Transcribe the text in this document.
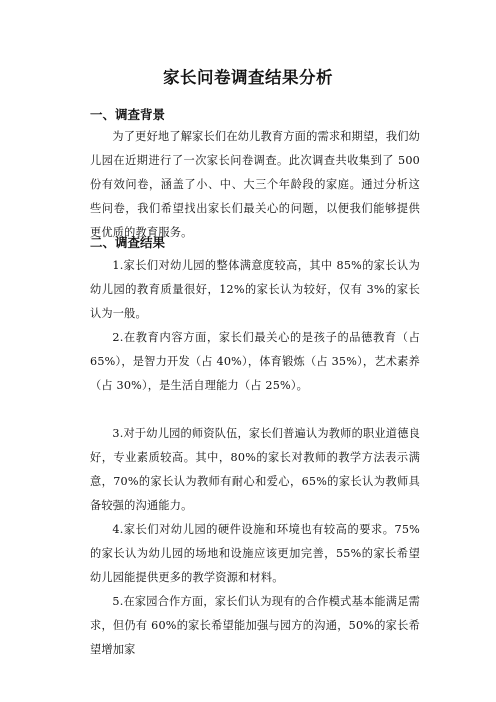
家长问卷调查结果分析
一、调查背景

为了更好地了解家长们在幼儿教育方面的需求和期望，我们幼儿园在近期进行了一次家长问卷调查。此次调查共收集到了 500 份有效问卷，涵盖了小、中、大三个年龄段的家庭。通过分析这些问卷，我们希望找出家长们最关心的问题，以便我们能够提供更优质的教育服务。

二、调查结果

1.家长们对幼儿园的整体满意度较高，其中 85%的家长认为幼儿园的教育质量很好，12%的家长认为较好，仅有 3%的家长认为一般。

2.在教育内容方面，家长们最关心的是孩子的品德教育（占 65%），是智力开发（占 40%），体育锻炼（占 35%），艺术素养（占 30%），是生活自理能力（占 25%）。

3.对于幼儿园的师资队伍，家长们普遍认为教师的职业道德良好，专业素质较高。其中，80%的家长对教师的教学方法表示满意，70%的家长认为教师有耐心和爱心，65%的家长认为教师具备较强的沟通能力。

4.家长们对幼儿园的硬件设施和环境也有较高的要求。75%的家长认为幼儿园的场地和设施应该更加完善，55%的家长希望幼儿园能提供更多的教学资源和材料。

5.在家园合作方面，家长们认为现有的合作模式基本能满足需求，但仍有 60%的家长希望能加强与园方的沟通，50%的家长希望增加家
